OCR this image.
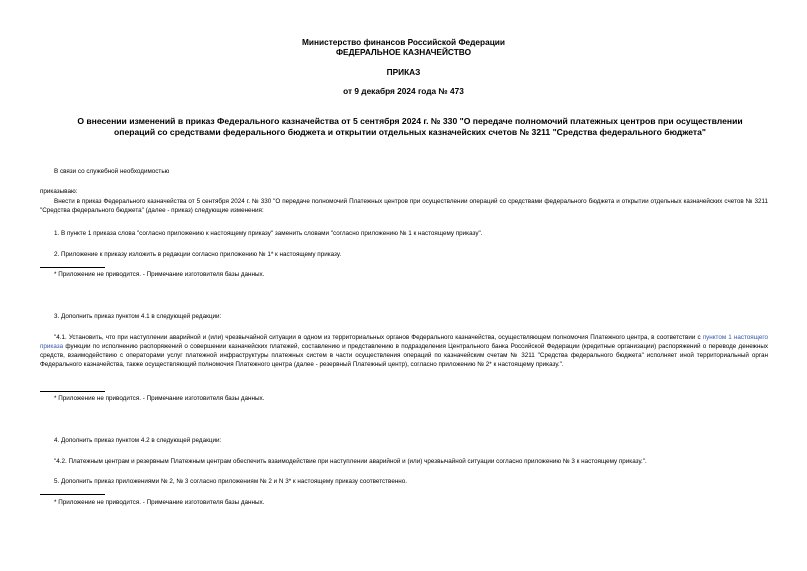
Министерство финансов Российской Федерации
ФЕДЕРАЛЬНОЕ КАЗНАЧЕЙСТВО
ПРИКАЗ
от 9 декабря 2024 года № 473
О внесении изменений в приказ Федерального казначейства от 5 сентября 2024 г. № 330 "О передаче полномочий платежных центров при осуществлении операций со средствами федерального бюджета и открытии отдельных казначейских счетов № 3211 "Средства федерального бюджета"
В связи со служебной необходимостью
приказываю:
Внести в приказ Федерального казначейства от 5 сентября 2024 г. № 330 "О передаче полномочий Платежных центров при осуществлении операций со средствами федерального бюджета и открытии отдельных казначейских счетов № 3211 "Средства федерального бюджета" (далее - приказ) следующие изменения:
1. В пункте 1 приказа слова "согласно приложению к настоящему приказу" заменить словами "согласно приложению № 1 к настоящему приказу".
2. Приложение к приказу изложить в редакции согласно приложению № 1* к настоящему приказу.
* Приложение не приводится. - Примечание изготовителя базы данных.
3. Дополнить приказ пунктом 4.1 в следующей редакции:
"4.1. Установить, что при наступлении аварийной и (или) чрезвычайной ситуации в одном из территориальных органов Федерального казначейства, осуществляющем полномочия Платежного центра, в соответствии с пунктом 1 настоящего приказа функции по исполнению распоряжений о совершении казначейских платежей, составлению и представлению в подразделения Центрального банка Российской Федерации (кредитные организации) распоряжений о переводе денежных средств, взаимодействию с операторами услуг платежной инфраструктуры платежных систем в части осуществления операций по казначейским счетам № 3211 "Средства федерального бюджета" исполняет иной территориальный орган Федерального казначейства, также осуществляющий полномочия Платежного центра (далее - резервный Платежный центр), согласно приложению № 2* к настоящему приказу.".
* Приложение не приводится. - Примечание изготовителя базы данных.
4. Дополнить приказ пунктом 4.2 в следующей редакции:
"4.2. Платежным центрам и резервным Платежным центрам обеспечить взаимодействие при наступлении аварийной и (или) чрезвычайной ситуации согласно приложению № 3 к настоящему приказу.".
5. Дополнить приказ приложениями № 2, № 3 согласно приложениям № 2 и N 3* к настоящему приказу соответственно.
* Приложение не приводится. - Примечание изготовителя базы данных.
